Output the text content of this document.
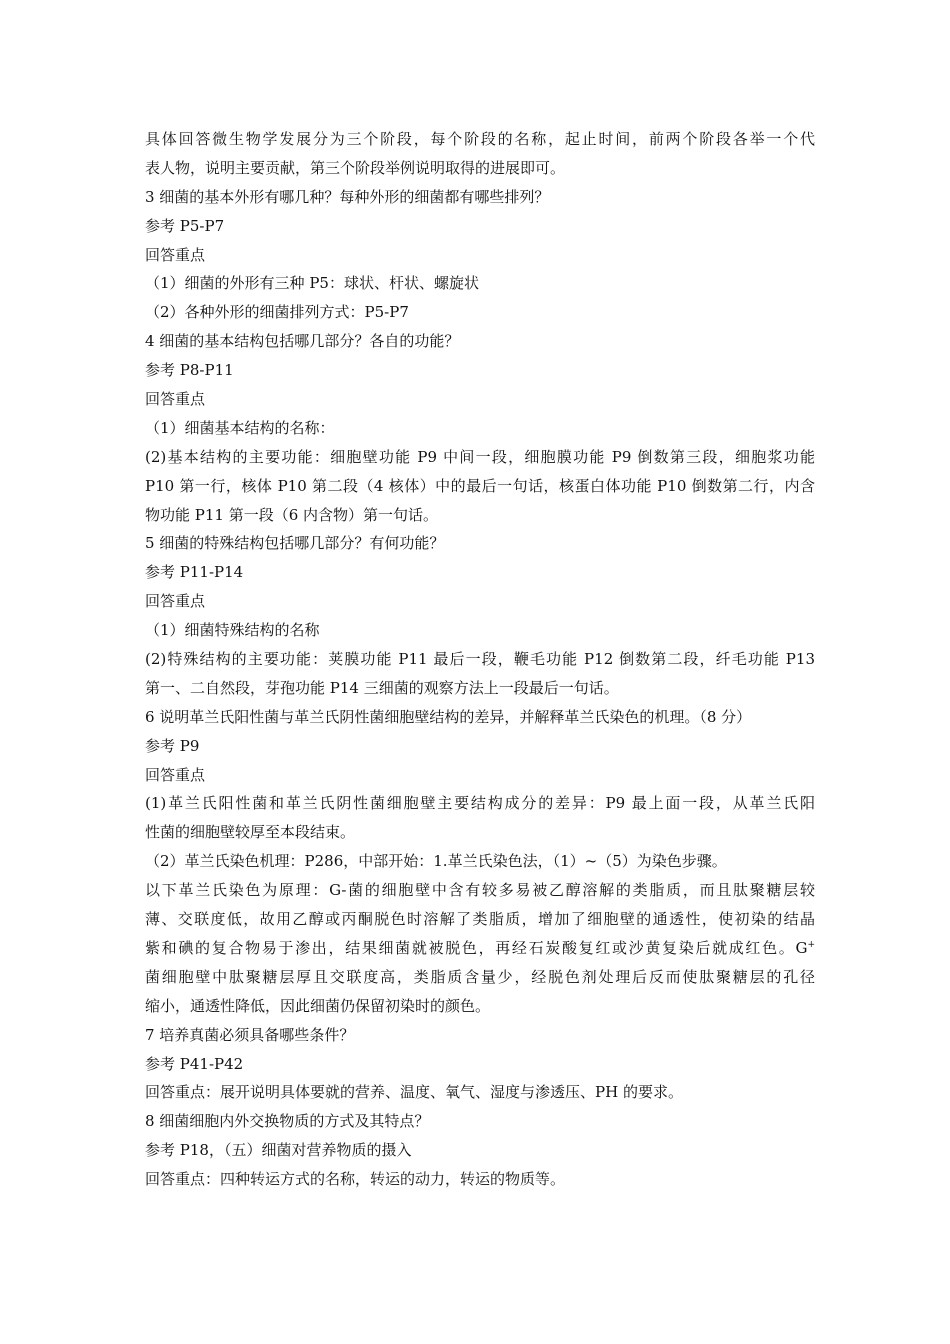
具体回答微生物学发展分为三个阶段，每个阶段的名称，起止时间，前两个阶段各举一个代
表人物，说明主要贡献，第三个阶段举例说明取得的进展即可。
3 细菌的基本外形有哪几种？每种外形的细菌都有哪些排列？
参考 P5-P7
回答重点
（1）细菌的外形有三种 P5：球状、杆状、螺旋状
（2）各种外形的细菌排列方式：P5-P7
4 细菌的基本结构包括哪几部分？各自的功能？
参考 P8-P11
回答重点
（1）细菌基本结构的名称：
(2)基本结构的主要功能：细胞壁功能 P9 中间一段，细胞膜功能 P9 倒数第三段，细胞浆功能
P10 第一行，核体 P10 第二段（4 核体）中的最后一句话，核蛋白体功能 P10 倒数第二行，内含
物功能 P11 第一段（6 内含物）第一句话。
5 细菌的特殊结构包括哪几部分？有何功能？
参考 P11-P14
回答重点
（1）细菌特殊结构的名称
(2)特殊结构的主要功能：荚膜功能 P11 最后一段，鞭毛功能 P12 倒数第二段，纤毛功能 P13
第一、二自然段，芽孢功能 P14 三细菌的观察方法上一段最后一句话。
6 说明革兰氏阳性菌与革兰氏阴性菌细胞壁结构的差异，并解释革兰氏染色的机理。（8 分）
参考 P9
回答重点
(1)革兰氏阳性菌和革兰氏阴性菌细胞壁主要结构成分的差异：P9 最上面一段，从革兰氏阳
性菌的细胞壁较厚至本段结束。
（2）革兰氏染色机理：P286，中部开始：1.革兰氏染色法，（1）~（5）为染色步骤。
以下革兰氏染色为原理：G-菌的细胞壁中含有较多易被乙醇溶解的类脂质，而且肽聚糖层较
薄、交联度低，故用乙醇或丙酮脱色时溶解了类脂质，增加了细胞壁的通透性，使初染的结晶
紫和碘的复合物易于渗出，结果细菌就被脱色，再经石炭酸复红或沙黄复染后就成红色。G+
菌细胞壁中肽聚糖层厚且交联度高，类脂质含量少，经脱色剂处理后反而使肽聚糖层的孔径
缩小，通透性降低，因此细菌仍保留初染时的颜色。
7 培养真菌必须具备哪些条件？
参考 P41-P42
回答重点：展开说明具体要就的营养、温度、氧气、湿度与渗透压、PH 的要求。
8 细菌细胞内外交换物质的方式及其特点？
参考 P18，（五）细菌对营养物质的摄入
回答重点：四种转运方式的名称，转运的动力，转运的物质等。
